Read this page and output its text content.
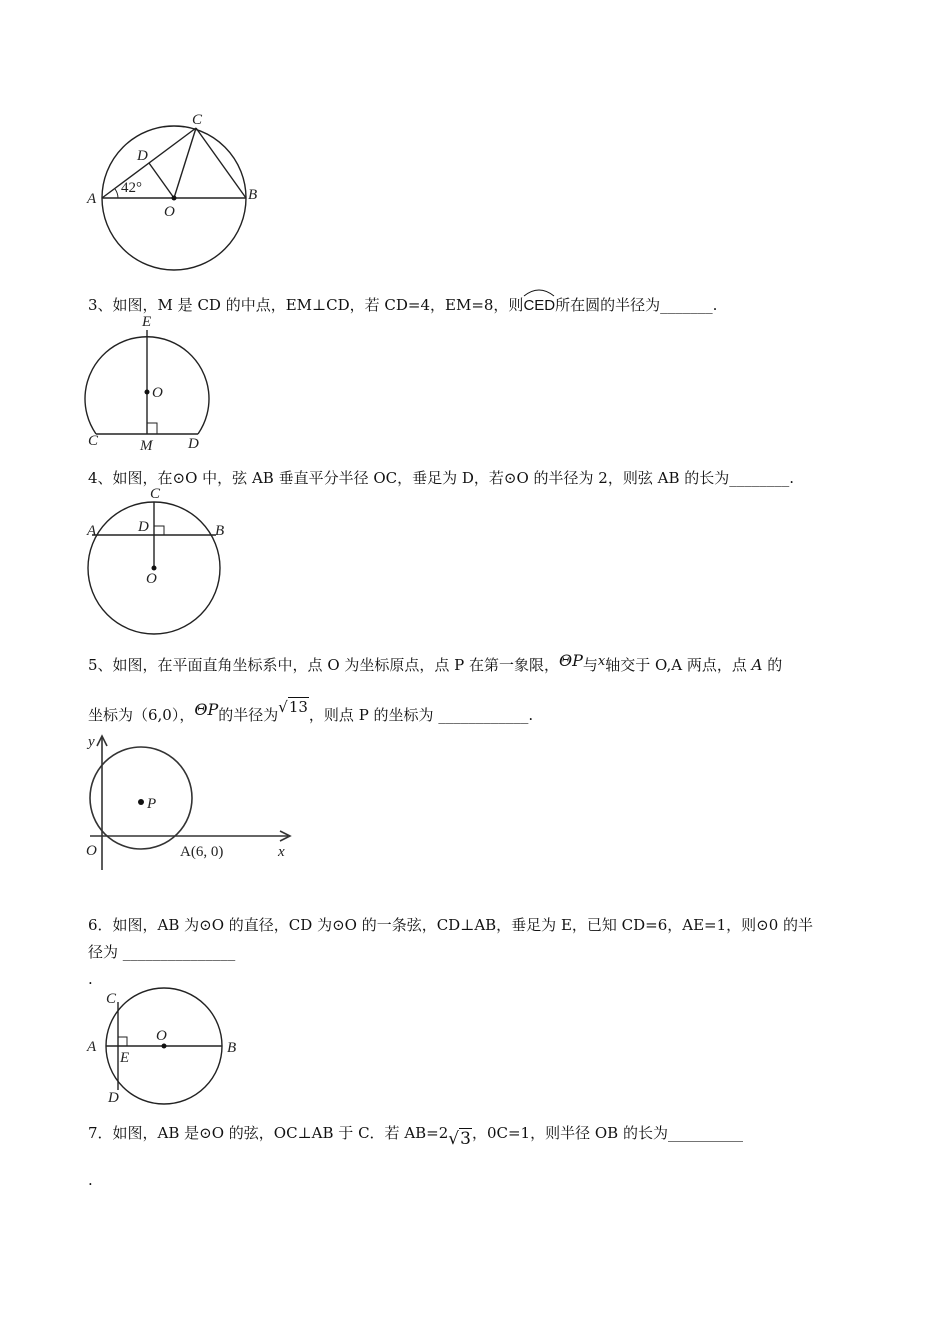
C
D
A
O
B
42°
3、如图，M 是 CD 的中点，EM⊥CD，若 CD=4，EM=8，则
CED所在圆的半径为_______.
E
O
C	M D
4、如图，在⊙O 中，弦 AB 垂直平分半径 OC，垂足为 D，若⊙O 的半径为 2，则弦 AB 的长为________.
C
A	D	B
O
5、如图，在平面直角坐标系中，点 O 为坐标原点，点 P 在第一象限，ΘP与x轴交于 O,A 两点，点 A 的
坐标为（6,0），ΘP的半径为√13，则点 P 的坐标为 ____________.
y
P
O	A(6, 0)	x
6．如图，AB 为⊙O 的直径，CD 为⊙O 的一条弦，CD⊥AB，垂足为 E，已知 CD=6，AE=1，则⊙0 的半
径为 _______________
.
C
A
E
O
B
D
7．如图，AB 是⊙O 的弦，OC⊥AB 于 C．若 AB=2√3，0C=1，则半径 OB 的长为__________
.
